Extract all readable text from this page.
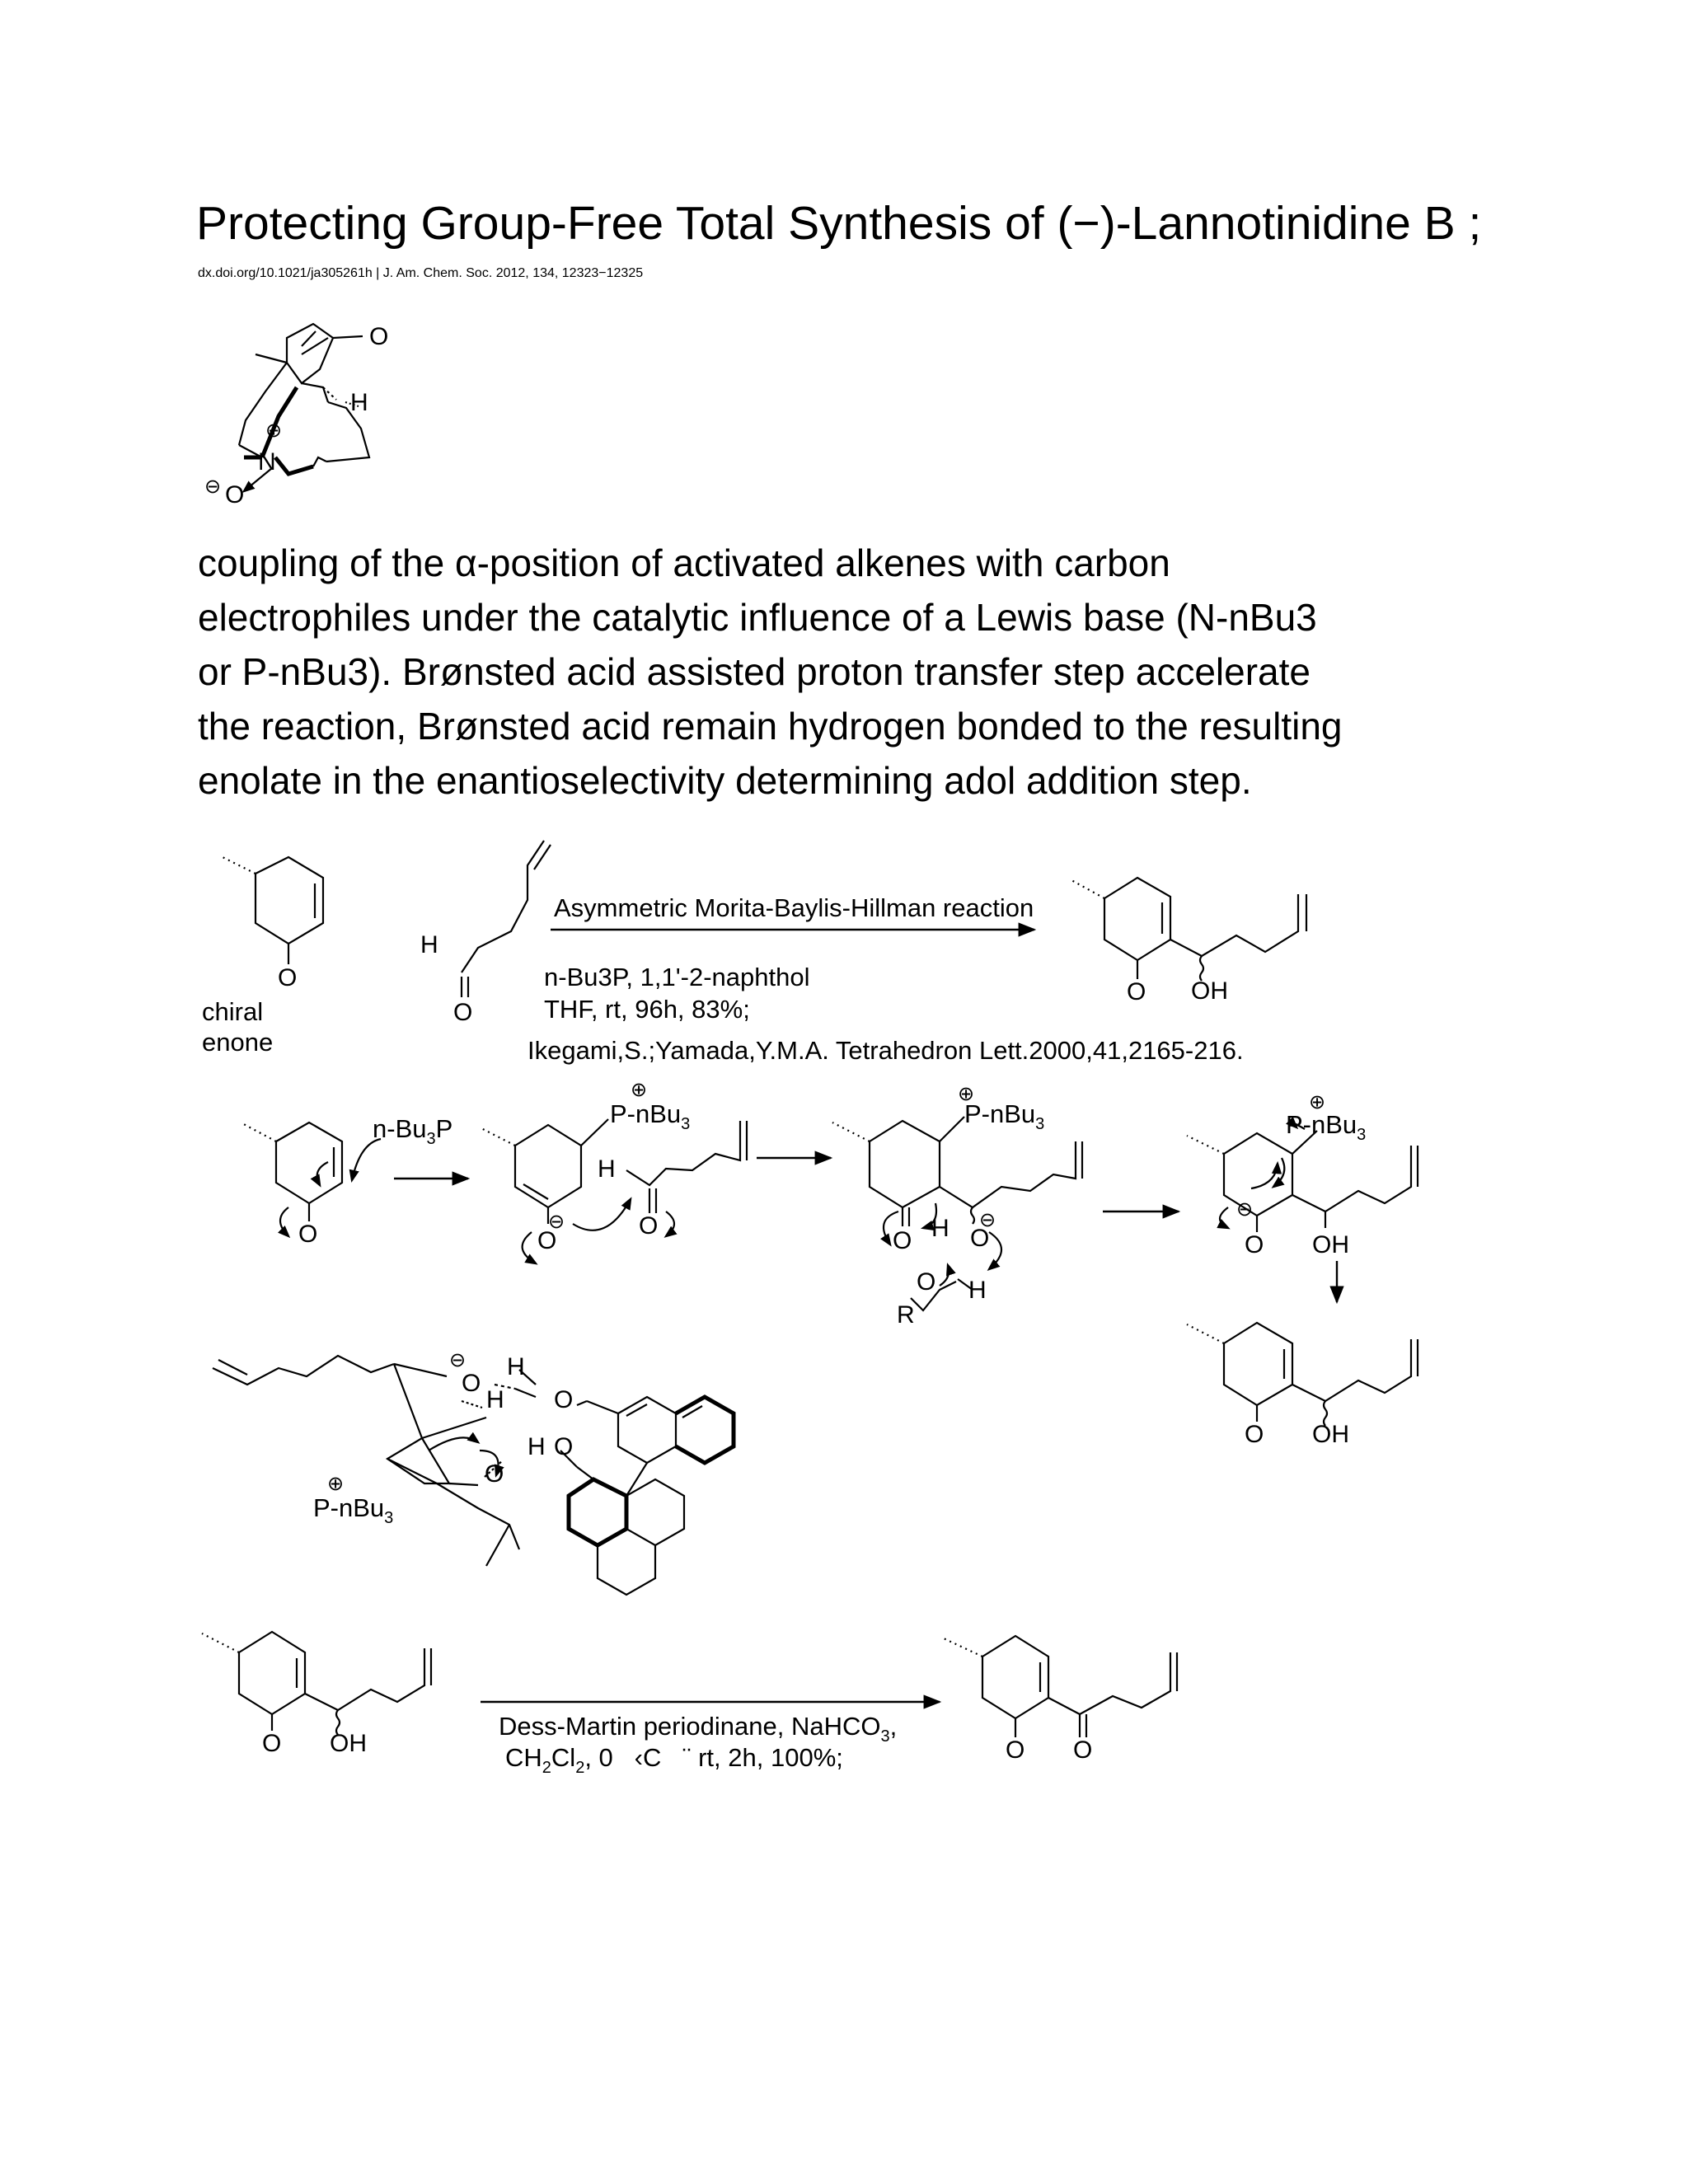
Protecting Group-Free Total Synthesis of (−)-Lannotinidine B ;
dx.doi.org/10.1021/ja305261h | J. Am. Chem. Soc. 2012, 134, 12323−12325
O
H
N
⊕
⊖ O
O
chiral
enone
H
O
Asymmetric Morita-Baylis-Hillman reaction
n-Bu3P, 1,1'-2-naphthol
THF, rt, 96h, 83%;
Ikegami,S.;Yamada,Y.M.A. Tetrahedron Lett.2000,41,2165-216.
O OH
$n-Bu_3P$
O
⊕
P-nBu$_3$
H
⊖
O
O
⊕
P-nBu$_3$
O H ⊖
O
O H
R
⊕
P-nBu$_3$
⊖
O OH
O OH
⊖
O
H
H O
O
H O
⊕
P-nBu$_3$
O OH
Dess-Martin periodinane, NaHCO$_3$,
$CH_2Cl_2$, 0   ‹C   ¨ rt, 2h, 100%;	O O
coupling of the α-position of activated alkenes with carbon
electrophiles under the catalytic influence of a Lewis base (N-nBu3
or P-nBu3). Brønsted acid assisted proton transfer step accelerate
the reaction, Brønsted acid remain hydrogen bonded to the resulting
enolate in the enantioselectivity determining adol addition step.
